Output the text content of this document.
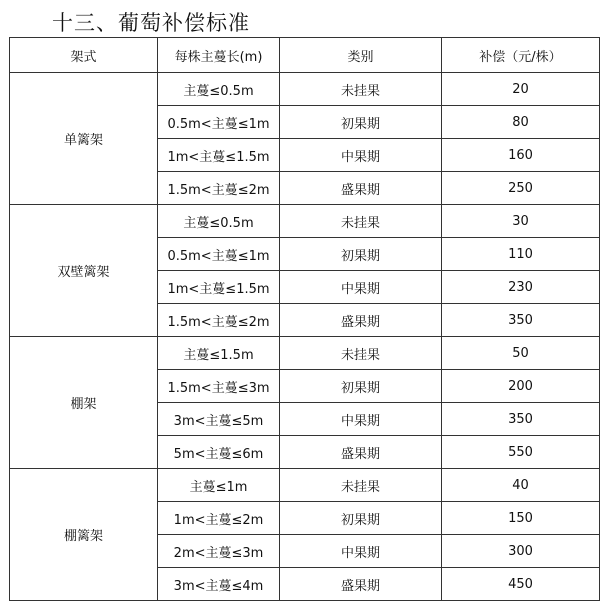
十三、葡萄补偿标准
架式	每株主蔓长(m)	类别	补偿（元/株）
单篱架	主蔓≤0.5m	未挂果	20
	0.5m<主蔓≤1m	初果期	80
	1m<主蔓≤1.5m	中果期	160
	1.5m<主蔓≤2m	盛果期	250
双壁篱架	主蔓≤0.5m	未挂果	30
	0.5m<主蔓≤1m	初果期	110
	1m<主蔓≤1.5m	中果期	230
	1.5m<主蔓≤2m	盛果期	350
棚架	主蔓≤1.5m	未挂果	50
	1.5m<主蔓≤3m	初果期	200
	3m<主蔓≤5m	中果期	350
	5m<主蔓≤6m	盛果期	550
棚篱架	主蔓≤1m	未挂果	40
	1m<主蔓≤2m	初果期	150
	2m<主蔓≤3m	中果期	300
	3m<主蔓≤4m	盛果期	450
